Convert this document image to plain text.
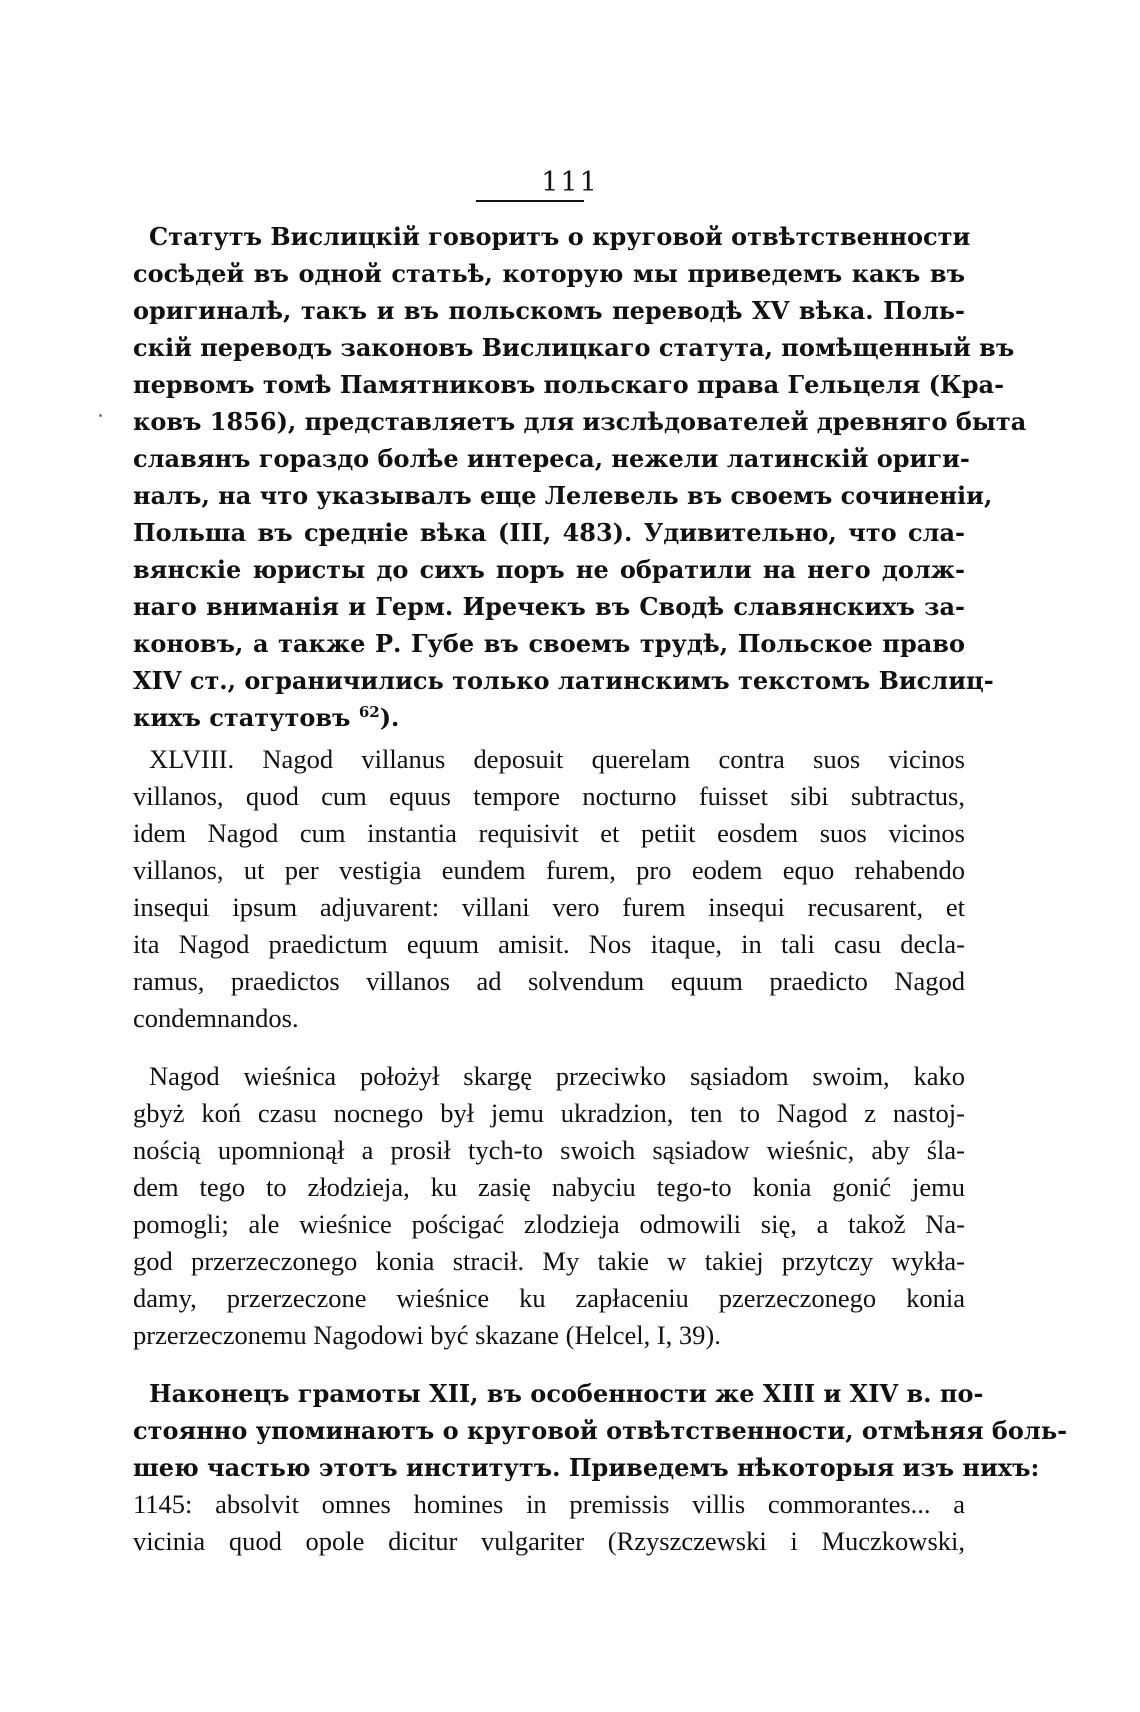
111
Статутъ Вислицкій говоритъ о круговой отвѣтственности
сосѣдей въ одной статьѣ, которую мы приведемъ какъ въ
оригиналѣ, такъ и въ польскомъ переводѣ XV вѣка. Поль-
скій переводъ законовъ Вислицкаго статута, помѣщенный въ
первомъ томѣ Памятниковъ польскаго права Гельцеля (Кра-
ковъ 1856), представляетъ для изслѣдователей древняго быта
славянъ гораздо болѣе интереса, нежели латинскій ориги-
налъ, на что указывалъ еще Лелевель въ своемъ сочиненіи,
Польша въ средніе вѣка (III, 483). Удивительно, что сла-
вянскіе юристы до сихъ поръ не обратили на него долж-
наго вниманія и Герм. Иречекъ въ Сводѣ славянскихъ за-
коновъ, а также Р. Губе въ своемъ трудѣ, Польское право
XIV ст., ограничились только латинскимъ текстомъ Вислиц-
кихъ статутовъ $^{62}$).
XLVIII. Nagod villanus deposuit querelam contra suos vicinos
villanos, quod cum equus tempore nocturno fuisset sibi subtractus,
idem Nagod cum instantia requisivit et petiit eosdem suos vicinos
villanos, ut per vestigia eundem furem, pro eodem equo rehabendo
insequi ipsum adjuvarent: villani vero furem insequi recusarent, et
ita Nagod praedictum equum amisit. Nos itaque, in tali casu decla-
ramus, praedictos villanos ad solvendum equum praedicto Nagod
condemnandos.
Nagod wieśnica położył skargę przeciwko sąsiadom swoim, kako
gbyż koń czasu nocnego był jemu ukradzion, ten to Nagod z nastoj-
nością upomnionął a prosił tych-to swoich sąsiadow wieśnic, aby śla-
dem tego to złodzieja, ku zasię nabyciu tego-to konia gonić jemu
pomogli; ale wieśnice pościgać zlodzieja odmowili się, a takož Na-
god przerzeczonego konia stracił. My takie w takiej przytczy wykła-
damy, przerzeczone wieśnice ku zapłaceniu pzerzeczonego konia
przerzeczonemu Nagodowi być skazane (Helcel, I, 39).
Наконецъ грамоты XII, въ особенности же XIII и XIV в. по-
стоянно упоминаютъ о круговой отвѣтственности, отмѣняя боль-
шею частью этотъ институтъ. Приведемъ нѣкоторыя изъ нихъ:
1145: absolvit omnes homines in premissis villis commorantes... a
vicinia quod opole dicitur vulgariter (Rzyszczewski i Muczkowski,
